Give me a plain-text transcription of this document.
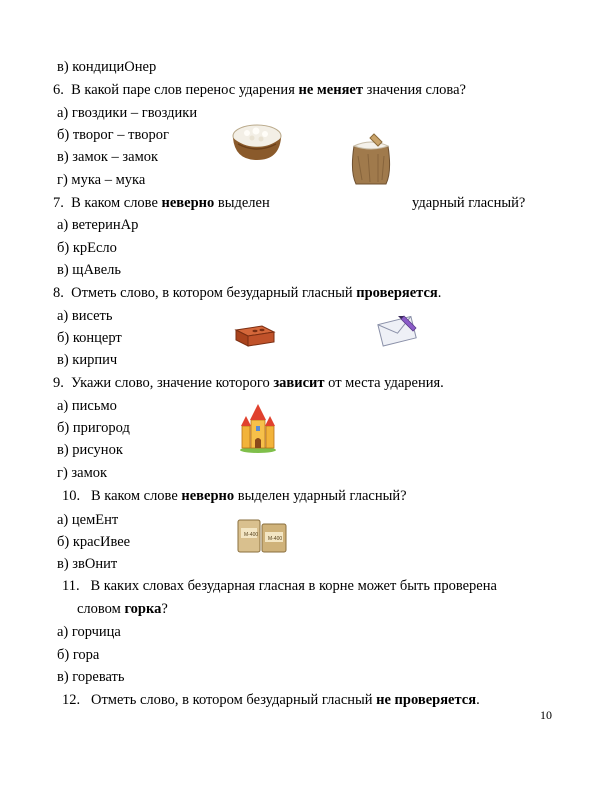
в) кондициОнер
6. В какой паре слов перенос ударения не меняет значения слова?
а) гвоздики – гвоздики
б) творог – творог
в) замок – замок
г) мука – мука
7. В каком слове неверно выделен	ударный гласный?
а) ветеринАр
б) крЕсло
в) щАвель
8. Отметь слово, в котором безударный гласный проверяется.
а) висеть
б) концерт
в) кирпич
9. Укажи слово, значение которого зависит от места ударения.
а) письмо
б) пригород
в) рисунок
г) замок
10. В каком слове неверно выделен ударный гласный?
а) цемЕнт
б) красИвее
в) звОнит
M-400
M-400
11. В каких словах безударная гласная в корне может быть проверена
словом горка?
а) горчица
б) гора
в) горевать
12. Отметь слово, в котором безударный гласный не проверяется.
10
